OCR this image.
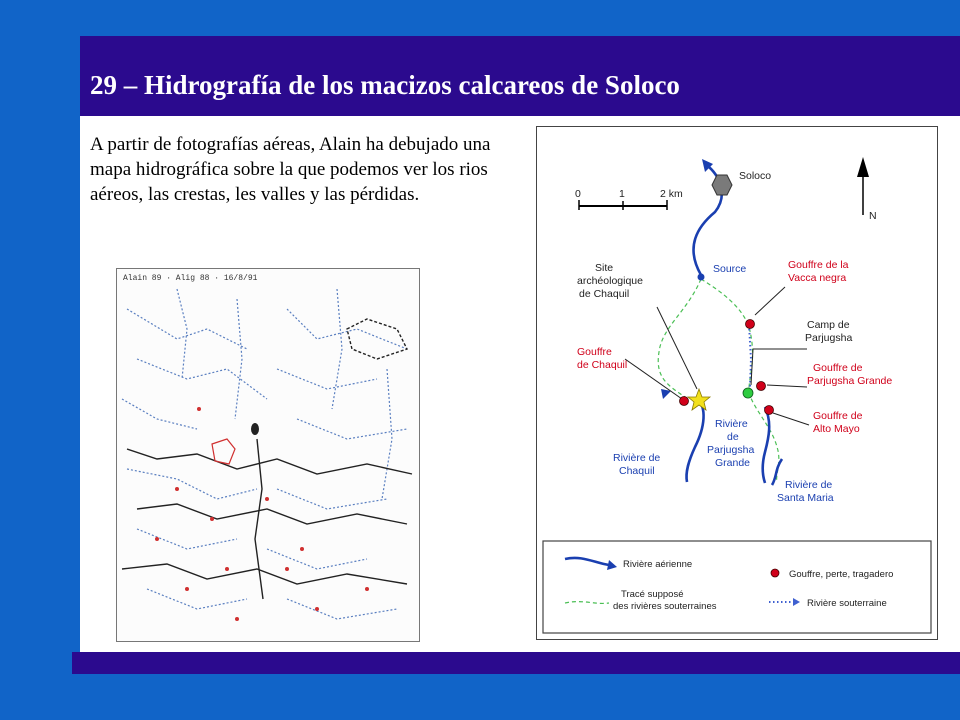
29 – Hidrografía de los macizos calcareos de Soloco

A partir de fotografías aéreas, Alain ha debujado una mapa hidrográfica sobre la que podemos ver los rios aéreos, las crestas, les valles y las pérdidas.

Alain 89 · Alig 88 · 16/8/91
0	1	2 km
N
Soloco
Source
Site
archéologique
de Chaquil
Gouffre de la
Vacca negra
Camp de
Parjugsha
Gouffre
de Chaquil	Gouffre de
Parjugsha Grande
Gouffre de
Alto Mayo
Rivière
de
Parjugsha
Grande
Rivière de
Chaquil
Rivière de
Santa Maria
Rivière aérienne
Gouffre, perte, tragadero
Tracé supposé
des rivières souterraines	Rivière souterraine
